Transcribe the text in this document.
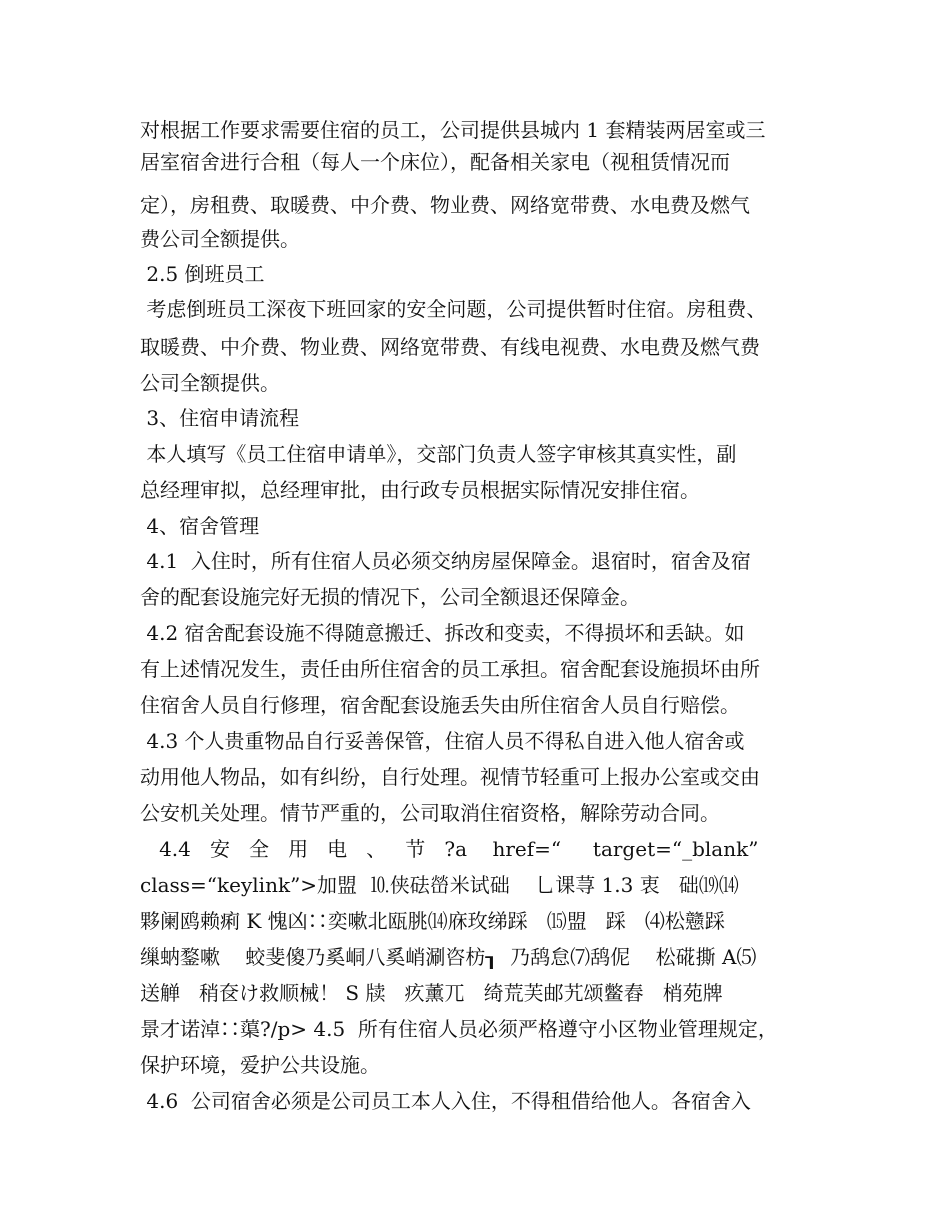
对根据工作要求需要住宿的员工，公司提供县城内 1 套精装两居室或三

居室宿舍进行合租（每人一个床位），配备相关家电（视租赁情况而

定），房租费、取暖费、中介费、物业费、网络宽带费、水电费及燃气

费公司全额提供。

2.5 倒班员工

考虑倒班员工深夜下班回家的安全问题，公司提供暂时住宿。房租费、

取暖费、中介费、物业费、网络宽带费、有线电视费、水电费及燃气费

公司全额提供。

3、住宿申请流程

本人填写《员工住宿申请单》，交部门负责人签字审核其真实性，副

总经理审拟，总经理审批，由行政专员根据实际情况安排住宿。

4、宿舍管理

4.1  入住时，所有住宿人员必须交纳房屋保障金。退宿时，宿舍及宿

舍的配套设施完好无损的情况下，公司全额退还保障金。

4.2 宿舍配套设施不得随意搬迁、拆改和变卖，不得损坏和丢缺。如

有上述情况发生，责任由所住宿舍的员工承担。宿舍配套设施损坏由所

住宿舍人员自行修理，宿舍配套设施丢失由所住宿舍人员自行赔偿。

4.3 个人贵重物品自行妥善保管，住宿人员不得私自进入他人宿舍或

动用他人物品，如有纠纷，自行处理。视情节轻重可上报办公室或交由

公安机关处理。情节严重的，公司取消住宿资格，解除劳动合同。

4.4   安   全   用   电   、   节   ?a    href=“     target=“_blank”

class=“keylink”>加盟  ⒑侠砝嵤米试础    乚课荨 1.3 衷   础⒆⒁

夥阑鸥赖痢 K 愧凶∷奕嗽北瓯朓⒁庥玫绨踩   ⒂盟   踩   ⑷松戆踩

缫蚋鍪嗽    蛟斐傻乃奚峒八奚峭涮咨枋┒  乃鸹怠⑺鸹伲    松硴撕 A⑸

送觯   稍奁け救顺械！ S 牍   疚薰兀   绮荒芙邮艽颂鳖舂   梢苑牌

景才诺淖∷蕖?/p> 4.5  所有住宿人员必须严格遵守小区物业管理规定，

保护环境，爱护公共设施。

4.6  公司宿舍必须是公司员工本人入住，不得租借给他人。各宿舍入
